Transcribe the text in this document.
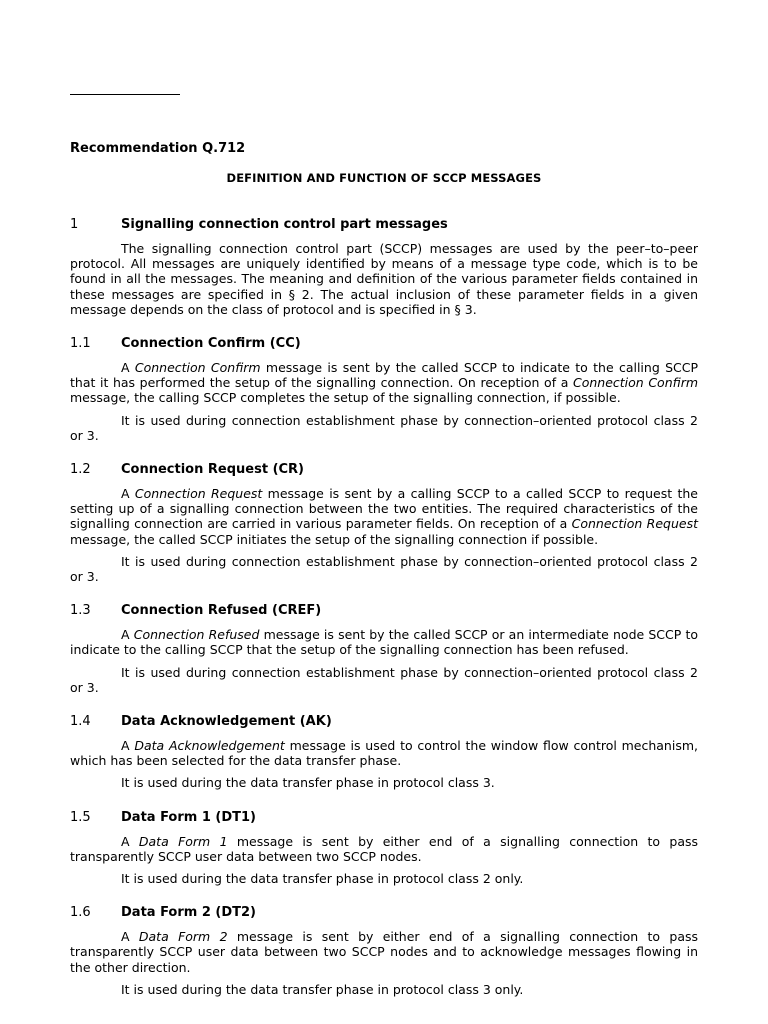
Recommendation Q.712
DEFINITION AND FUNCTION OF SCCP MESSAGES
1	Signalling connection control part messages

The signalling connection control part (SCCP) messages are used by the peer–to–peer protocol. All messages are uniquely identified by means of a message type code, which is to be found in all the messages. The meaning and definition of the various parameter fields contained in these messages are specified in § 2. The actual inclusion of these parameter fields in a given message depends on the class of protocol and is specified in § 3.

1.1	Connection Confirm (CC)

A Connection Confirm message is sent by the called SCCP to indicate to the calling SCCP that it has performed the setup of the signalling connection. On reception of a Connection Confirm message, the calling SCCP completes the setup of the signalling connection, if possible.

It is used during connection establishment phase by connection–oriented protocol class 2 or 3.

1.2	Connection Request (CR)

A Connection Request message is sent by a calling SCCP to a called SCCP to request the setting up of a signalling connection between the two entities. The required characteristics of the signalling connection are carried in various parameter fields. On reception of a Connection Request message, the called SCCP initiates the setup of the signalling connection if possible.

It is used during connection establishment phase by connection–oriented protocol class 2 or 3.

1.3	Connection Refused (CREF)

A Connection Refused message is sent by the called SCCP or an intermediate node SCCP to indicate to the calling SCCP that the setup of the signalling connection has been refused.

It is used during connection establishment phase by connection–oriented protocol class 2 or 3.

1.4	Data Acknowledgement (AK)

A Data Acknowledgement message is used to control the window flow control mechanism, which has been selected for the data transfer phase.

It is used during the data transfer phase in protocol class 3.

1.5	Data Form 1 (DT1)

A Data Form 1 message is sent by either end of a signalling connection to pass transparently SCCP user data between two SCCP nodes.

It is used during the data transfer phase in protocol class 2 only.

1.6	Data Form 2 (DT2)

A Data Form 2 message is sent by either end of a signalling connection to pass transparently SCCP user data between two SCCP nodes and to acknowledge messages flowing in the other direction.

It is used during the data transfer phase in protocol class 3 only.
